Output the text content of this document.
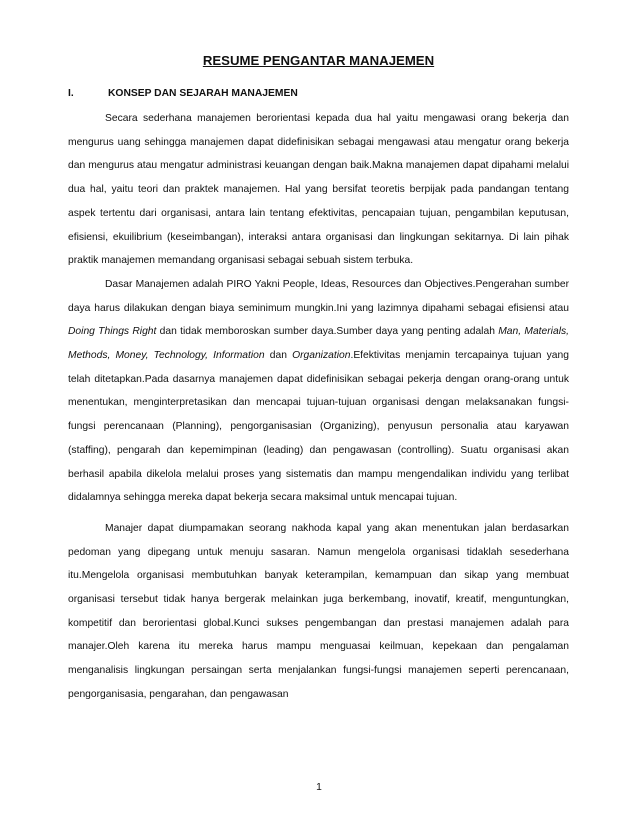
RESUME PENGANTAR MANAJEMEN
I.	KONSEP DAN SEJARAH MANAJEMEN

Secara sederhana manajemen berorientasi kepada dua hal yaitu mengawasi orang bekerja dan mengurus uang sehingga manajemen dapat didefinisikan sebagai mengawasi atau mengatur orang bekerja dan mengurus atau mengatur administrasi keuangan dengan baik.Makna manajemen dapat dipahami melalui dua hal, yaitu teori dan praktek manajemen. Hal yang bersifat teoretis berpijak pada pandangan tentang aspek tertentu dari organisasi, antara lain tentang efektivitas, pencapaian tujuan, pengambilan keputusan, efisiensi, ekuilibrium (keseimbangan), interaksi antara organisasi dan lingkungan sekitarnya. Di lain pihak praktik manajemen memandang organisasi sebagai sebuah sistem terbuka.

Dasar Manajemen adalah PIRO Yakni People, Ideas, Resources dan Objectives.Pengerahan sumber daya harus dilakukan dengan biaya seminimum mungkin.Ini yang lazimnya dipahami sebagai efisiensi atau Doing Things Right dan tidak memboroskan sumber daya.Sumber daya yang penting adalah Man, Materials, Methods, Money, Technology, Information dan Organization.Efektivitas menjamin tercapainya tujuan yang telah ditetapkan.Pada dasarnya manajemen dapat didefinisikan sebagai pekerja dengan orang-orang untuk menentukan, menginterpretasikan dan mencapai tujuan-tujuan organisasi dengan melaksanakan fungsi-fungsi perencanaan (Planning), pengorganisasian (Organizing), penyusun personalia atau karyawan (staffing), pengarah dan kepemimpinan (leading) dan pengawasan (controlling). Suatu organisasi akan berhasil apabila dikelola melalui proses yang sistematis dan mampu mengendalikan individu yang terlibat didalamnya sehingga mereka dapat bekerja secara maksimal untuk mencapai tujuan.

Manajer dapat diumpamakan seorang nakhoda kapal yang akan menentukan jalan berdasarkan pedoman yang dipegang untuk menuju sasaran. Namun mengelola organisasi tidaklah sesederhana itu.Mengelola organisasi membutuhkan banyak keterampilan, kemampuan dan sikap yang membuat organisasi tersebut tidak hanya bergerak melainkan juga berkembang, inovatif, kreatif, menguntungkan, kompetitif dan berorientasi global.Kunci sukses pengembangan dan prestasi manajemen adalah para manajer.Oleh karena itu mereka harus mampu menguasai keilmuan, kepekaan dan pengalaman menganalisis lingkungan persaingan serta menjalankan fungsi-fungsi manajemen seperti perencanaan, pengorganisasia, pengarahan, dan pengawasan

1
